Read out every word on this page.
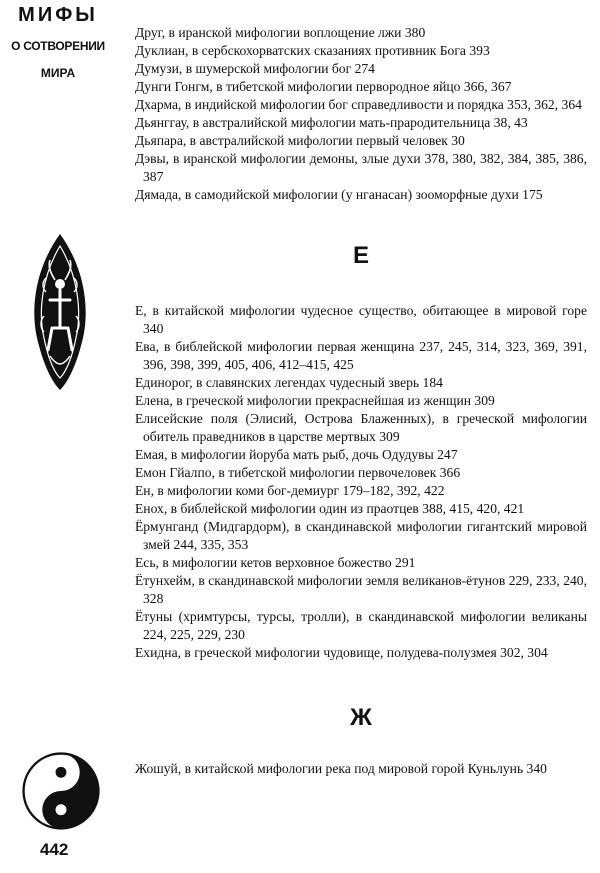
МИФЫ
О СОТВОРЕНИИ
МИРА
442
Друг, в иранской мифологии воплощение лжи 380
Дуклиан, в сербскохорватских сказаниях противник Бога 393
Думузи, в шумерской мифологии бог 274
Дунги Гонгм, в тибетской мифологии первородное яйцо 366, 367
Дхарма, в индийской мифологии бог справедливости и порядка 353, 362, 364
Дьянггау, в австралийской мифологии мать-прародительница 38, 43
Дьяпара, в австралийской мифологии первый человек 30
Дэвы, в иранской мифологии демоны, злые духи 378, 380, 382, 384, 385, 386, 387
Дямада, в самодийской мифологии (у нганасан) зооморфные духи 175
Е
Е, в китайской мифологии чудесное существо, обитающее в мировой горе 340
Ева, в библейской мифологии первая женщина 237, 245, 314, 323, 369, 391, 396, 398, 399, 405, 406, 412–415, 425
Единорог, в славянских легендах чудесный зверь 184
Елена, в греческой мифологии прекраснейшая из женщин 309
Елисейские поля (Элисий, Острова Блаженных), в греческой мифологии обитель праведников в царстве мертвых 309
Емая, в мифологии йоруба мать рыб, дочь Одудувы 247
Емон Гйалпо, в тибетской мифологии первочеловек 366
Ен, в мифологии коми бог-демиург 179–182, 392, 422
Енох, в библейской мифологии один из праотцев 388, 415, 420, 421
Ёрмунганд (Мидгардорм), в скандинавской мифологии гигантский мировой змей 244, 335, 353
Есь, в мифологии кетов верховное божество 291
Ётунхейм, в скандинавской мифологии земля великанов-ётунов 229, 233, 240, 328
Ётуны (хримтурсы, турсы, тролли), в скандинавской мифологии великаны 224, 225, 229, 230
Ехидна, в греческой мифологии чудовище, полудева-полузмея 302, 304
Ж
Жошуй, в китайской мифологии река под мировой горой Куньлунь 340
